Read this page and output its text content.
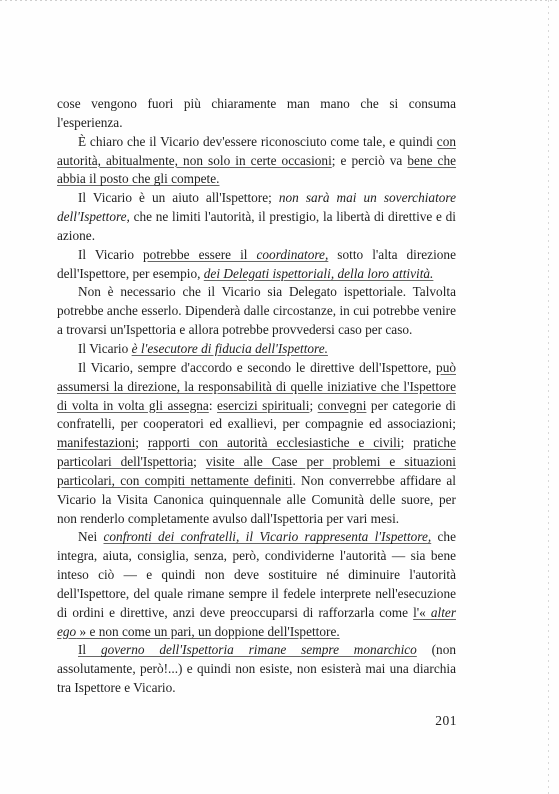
cose vengono fuori più chiaramente man mano che si consuma l'esperienza.

È chiaro che il Vicario dev'essere riconosciuto come tale, e quindi con autorità, abitualmente, non solo in certe occasioni; e perciò va bene che abbia il posto che gli compete.

Il Vicario è un aiuto all'Ispettore; non sarà mai un soverchiatore dell'Ispettore, che ne limiti l'autorità, il prestigio, la libertà di direttive e di azione.

Il Vicario potrebbe essere il coordinatore, sotto l'alta direzione dell'Ispettore, per esempio, dei Delegati ispettoriali, della loro attività.

Non è necessario che il Vicario sia Delegato ispettoriale. Talvolta potrebbe anche esserlo. Dipenderà dalle circostanze, in cui potrebbe venire a trovarsi un'Ispettoria e allora potrebbe provvedersi caso per caso.

Il Vicario è l'esecutore di fiducia dell'Ispettore.

Il Vicario, sempre d'accordo e secondo le direttive dell'Ispettore, può assumersi la direzione, la responsabilità di quelle iniziative che l'Ispettore di volta in volta gli assegna: esercizi spirituali; convegni per categorie di confratelli, per cooperatori ed exallievi, per compagnie ed associazioni; manifestazioni; rapporti con autorità ecclesiastiche e civili; pratiche particolari dell'Ispettoria; visite alle Case per problemi e situazioni particolari, con compiti nettamente definiti. Non converrebbe affidare al Vicario la Visita Canonica quinquennale alle Comunità delle suore, per non renderlo completamente avulso dall'Ispettoria per vari mesi.

Nei confronti dei confratelli, il Vicario rappresenta l'Ispettore, che integra, aiuta, consiglia, senza, però, condividerne l'autorità — sia bene inteso ciò — e quindi non deve sostituire né diminuire l'autorità dell'Ispettore, del quale rimane sempre il fedele interprete nell'esecuzione di ordini e direttive, anzi deve preoccuparsi di rafforzarla come l'« alter ego » e non come un pari, un doppione dell'Ispettore.

Il governo dell'Ispettoria rimane sempre monarchico (non assolutamente, però!...) e quindi non esiste, non esisterà mai una diarchia tra Ispettore e Vicario.

201
